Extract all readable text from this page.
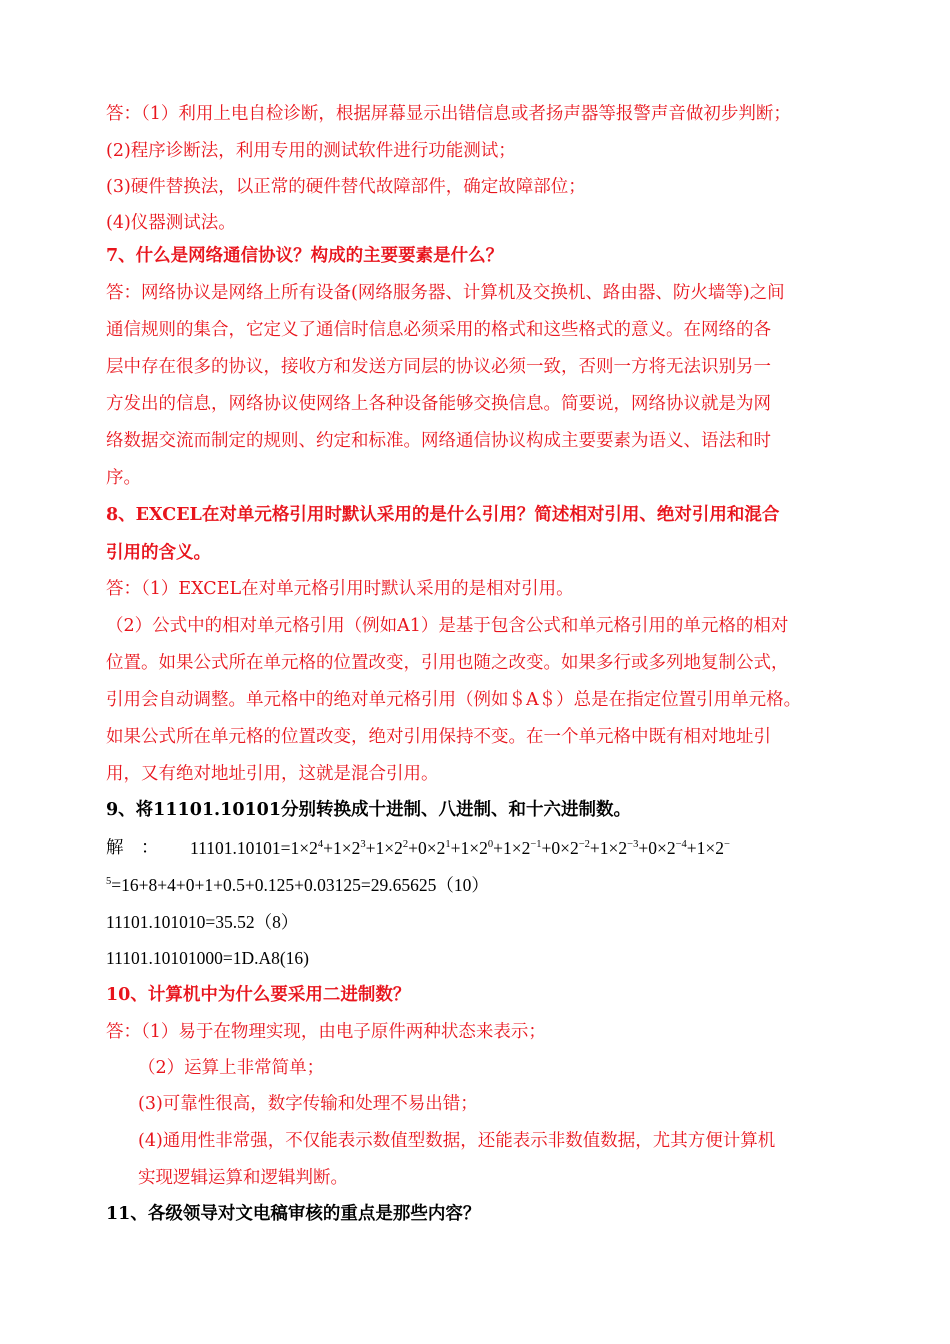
答：（1）利用上电自检诊断，根据屏幕显示出错信息或者扬声器等报警声音做初步判断；
(2)程序诊断法，利用专用的测试软件进行功能测试；
(3)硬件替换法，以正常的硬件替代故障部件，确定故障部位；
(4)仪器测试法。
7、什么是网络通信协议？构成的主要要素是什么？
答：网络协议是网络上所有设备(网络服务器、计算机及交换机、路由器、防火墙等)之间
通信规则的集合，它定义了通信时信息必须采用的格式和这些格式的意义。在网络的各
层中存在很多的协议，接收方和发送方同层的协议必须一致，否则一方将无法识别另一
方发出的信息，网络协议使网络上各种设备能够交换信息。简要说，网络协议就是为网
络数据交流而制定的规则、约定和标准。网络通信协议构成主要要素为语义、语法和时
序。
8、EXCEL在对单元格引用时默认采用的是什么引用？简述相对引用、绝对引用和混合
引用的含义。
答：（1）EXCEL在对单元格引用时默认采用的是相对引用。
（2）公式中的相对单元格引用（例如A1）是基于包含公式和单元格引用的单元格的相对
位置。如果公式所在单元格的位置改变，引用也随之改变。如果多行或多列地复制公式，
引用会自动调整。单元格中的绝对单元格引用（例如＄A＄）总是在指定位置引用单元格。
如果公式所在单元格的位置改变，绝对引用保持不变。在一个单元格中既有相对地址引
用，又有绝对地址引用，这就是混合引用。
9、将11101.10101分别转换成十进制、八进制、和十六进制数。
解　： $11101.10101=1\times 2^4+1\times 2^3+1\times 2^2+0\times 2^1+1\times 2^0+1\times 2^{-1}+0\times 2^{-2}+1\times 2^{-3}+0\times 2^{-4}+1\times 2^-$
$^5$=16+8+4+0+1+0.5+0.125+0.03125=29.65625（10）
11101.101010=35.52（8）
11101.10101000=1D.A8(16)
10、计算机中为什么要采用二进制数？
答：（1）易于在物理实现，由电子原件两种状态来表示；
（2）运算上非常简单；
(3)可靠性很高，数字传输和处理不易出错；
(4)通用性非常强，不仅能表示数值型数据，还能表示非数值数据，尤其方便计算机
实现逻辑运算和逻辑判断。
11、各级领导对文电稿审核的重点是那些内容？
